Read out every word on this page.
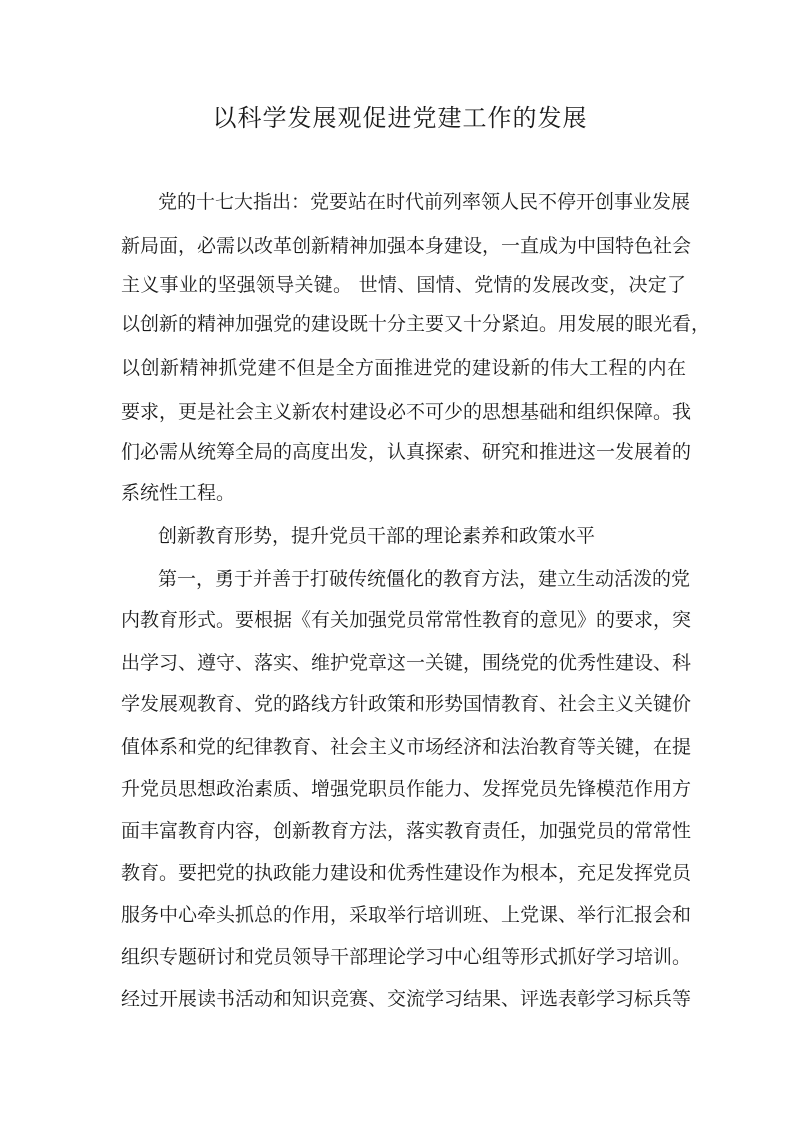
以科学发展观促进党建工作的发展
党的十七大指出：党要站在时代前列率领人民不停开创事业发展
新局面，必需以改革创新精神加强本身建设，一直成为中国特色社会
主义事业的坚强领导关键。 世情、国情、党情的发展改变，决定了
以创新的精神加强党的建设既十分主要又十分紧迫。用发展的眼光看，
以创新精神抓党建不但是全方面推进党的建设新的伟大工程的内在
要求，更是社会主义新农村建设必不可少的思想基础和组织保障。我
们必需从统筹全局的高度出发，认真探索、研究和推进这一发展着的
系统性工程。
创新教育形势，提升党员干部的理论素养和政策水平
第一，勇于并善于打破传统僵化的教育方法，建立生动活泼的党
内教育形式。要根据《有关加强党员常常性教育的意见》的要求，突
出学习、遵守、落实、维护党章这一关键，围绕党的优秀性建设、科
学发展观教育、党的路线方针政策和形势国情教育、社会主义关键价
值体系和党的纪律教育、社会主义市场经济和法治教育等关键，在提
升党员思想政治素质、增强党职员作能力、发挥党员先锋模范作用方
面丰富教育内容，创新教育方法，落实教育责任，加强党员的常常性
教育。要把党的执政能力建设和优秀性建设作为根本，充足发挥党员
服务中心牵头抓总的作用，采取举行培训班、上党课、举行汇报会和
组织专题研讨和党员领导干部理论学习中心组等形式抓好学习培训。
经过开展读书活动和知识竞赛、交流学习结果、评选表彰学习标兵等
